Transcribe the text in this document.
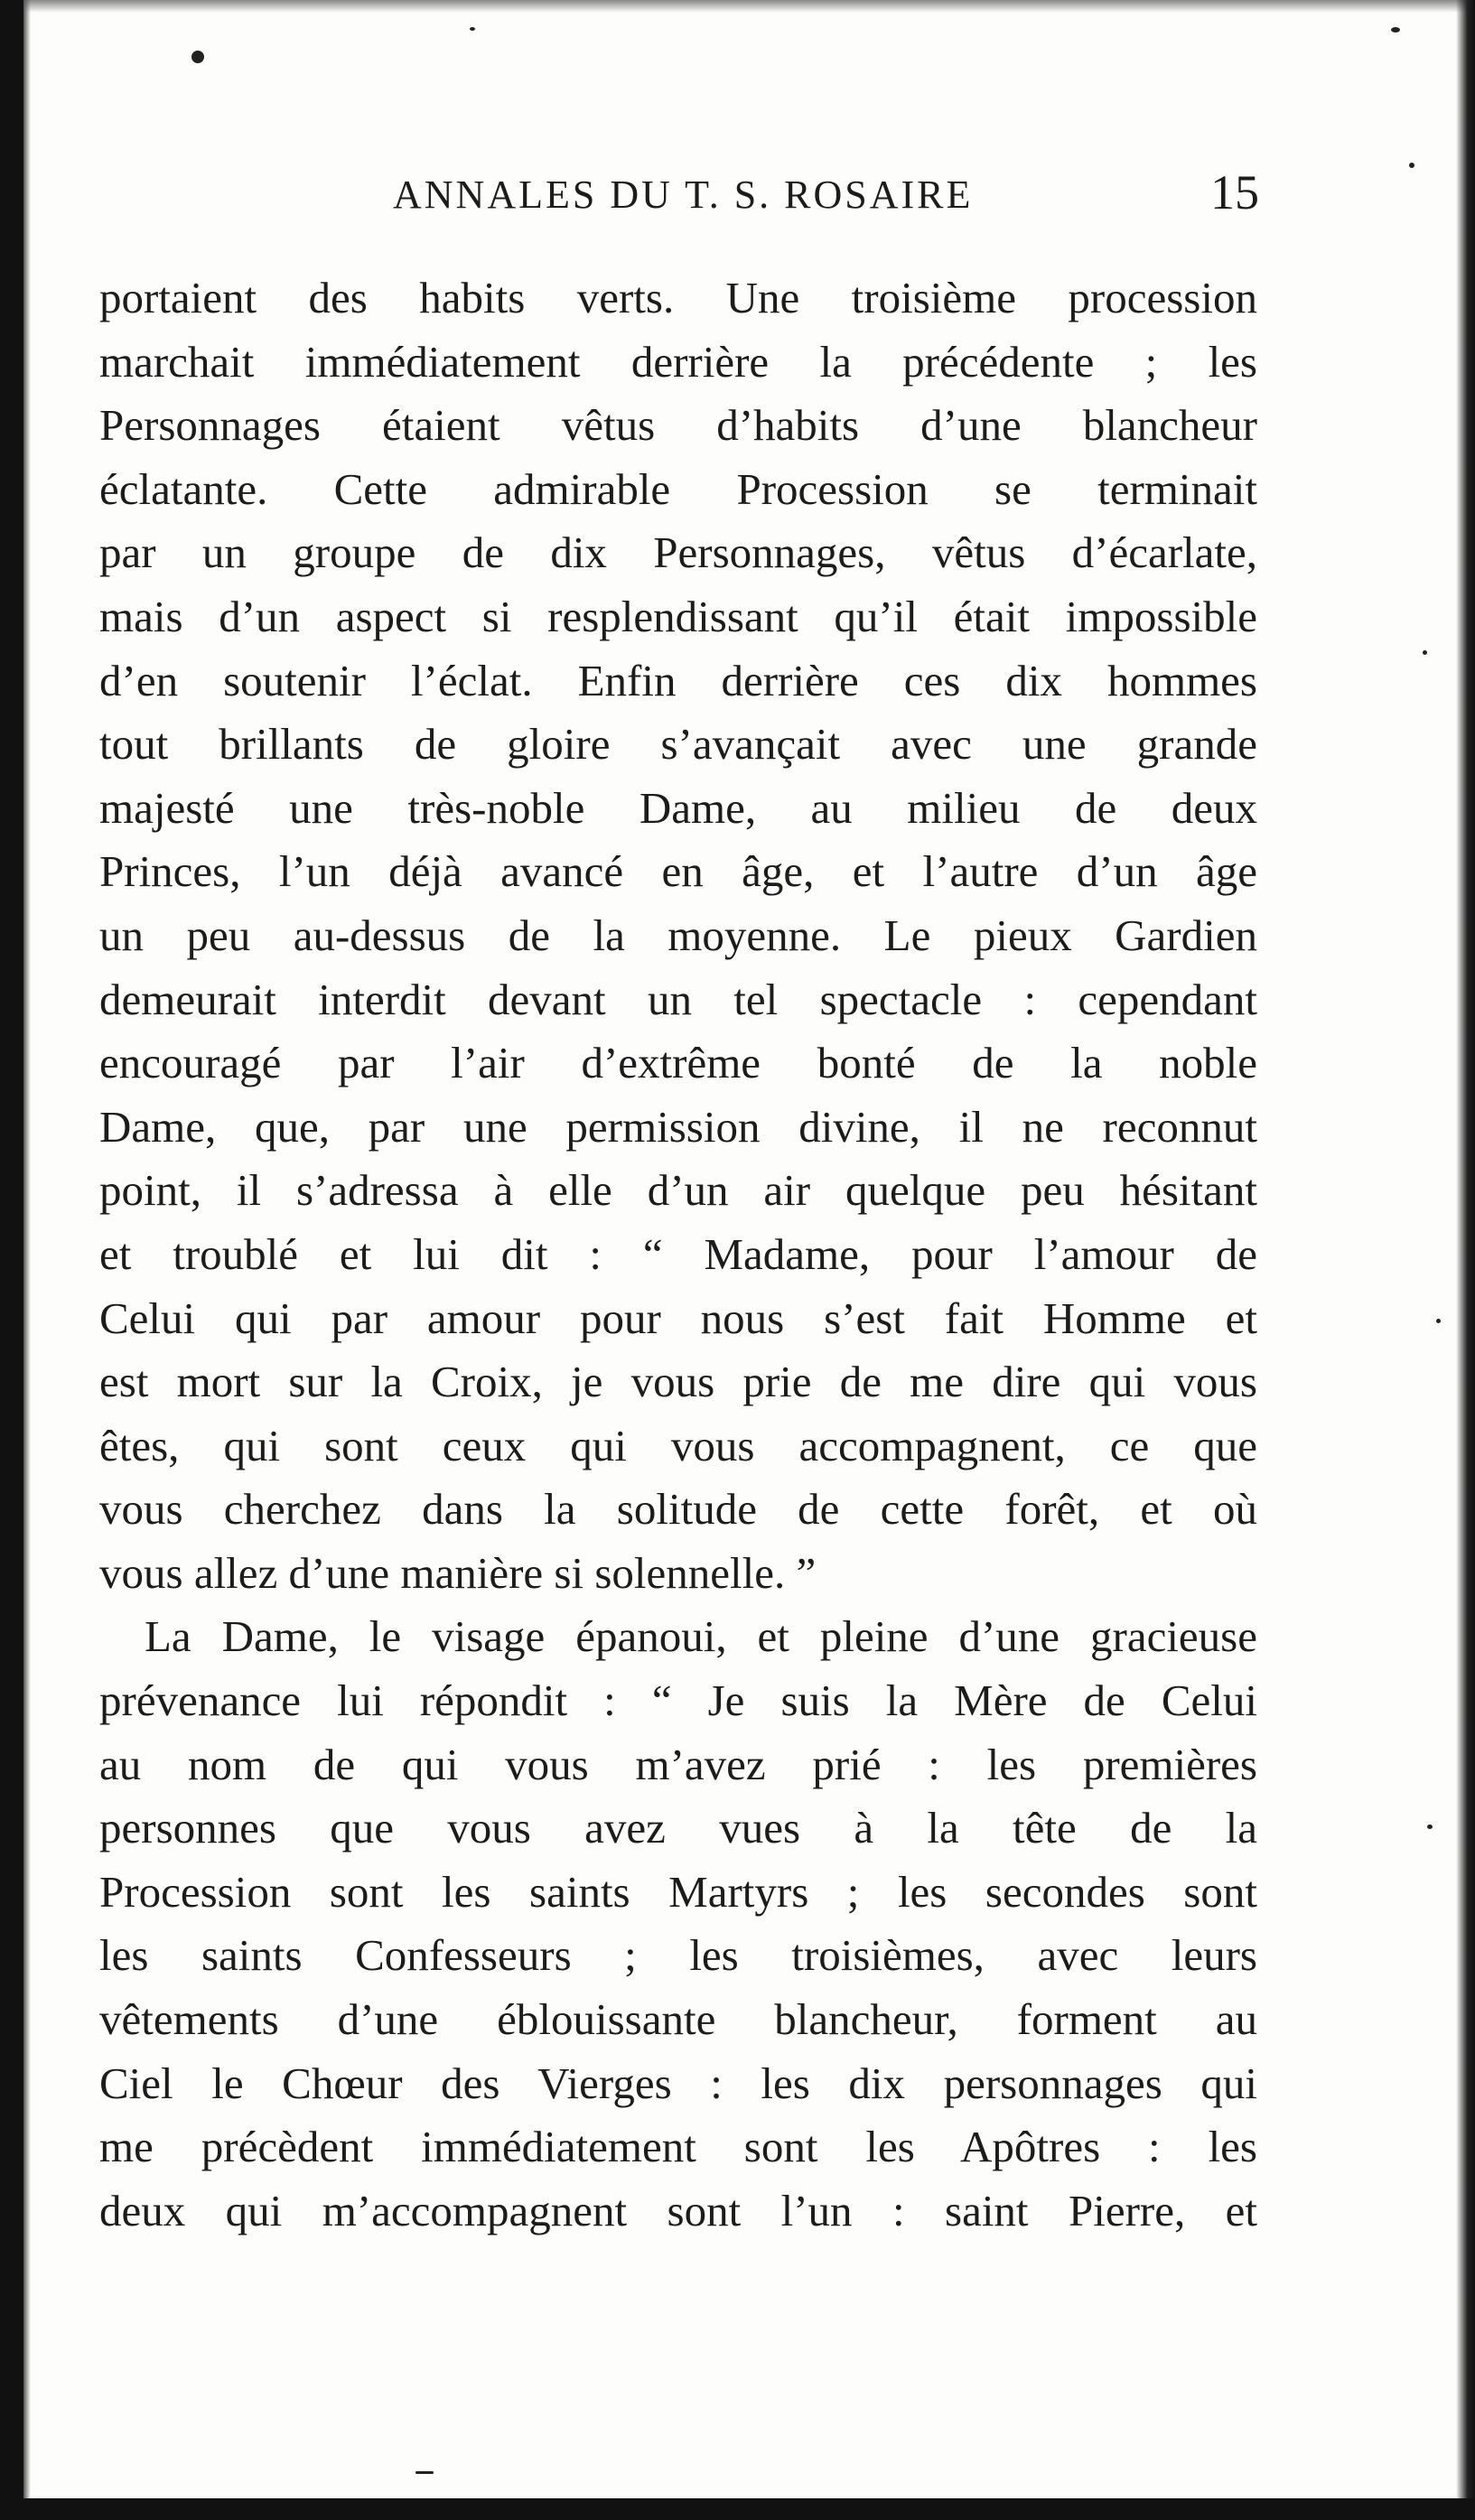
ANNALES DU T. S. ROSAIRE	15
portaient des habits verts. Une troisième procession
marchait immédiatement derrière la précédente ; les
Personnages étaient vêtus d’habits d’une blancheur
éclatante. Cette admirable Procession se terminait
par un groupe de dix Personnages, vêtus d’écarlate,
mais d’un aspect si resplendissant qu’il était impossible
d’en soutenir l’éclat. Enfin derrière ces dix hommes
tout brillants de gloire s’avançait avec une grande
majesté une très-noble Dame, au milieu de deux
Princes, l’un déjà avancé en âge, et l’autre d’un âge
un peu au-dessus de la moyenne. Le pieux Gardien
demeurait interdit devant un tel spectacle : cependant
encouragé par l’air d’extrême bonté de la noble
Dame, que, par une permission divine, il ne reconnut
point, il s’adressa à elle d’un air quelque peu hésitant
et troublé et lui dit : “ Madame, pour l’amour de
Celui qui par amour pour nous s’est fait Homme et
est mort sur la Croix, je vous prie de me dire qui vous
êtes, qui sont ceux qui vous accompagnent, ce que
vous cherchez dans la solitude de cette forêt, et où
vous allez d’une manière si solennelle. ”
La Dame, le visage épanoui, et pleine d’une gracieuse
prévenance lui répondit : “ Je suis la Mère de Celui
au nom de qui vous m’avez prié : les premières
personnes que vous avez vues à la tête de la
Procession sont les saints Martyrs ; les secondes sont
les saints Confesseurs ; les troisièmes, avec leurs
vêtements d’une éblouissante blancheur, forment au
Ciel le Chœur des Vierges : les dix personnages qui
me précèdent immédiatement sont les Apôtres : les
deux qui m’accompagnent sont l’un : saint Pierre, et
